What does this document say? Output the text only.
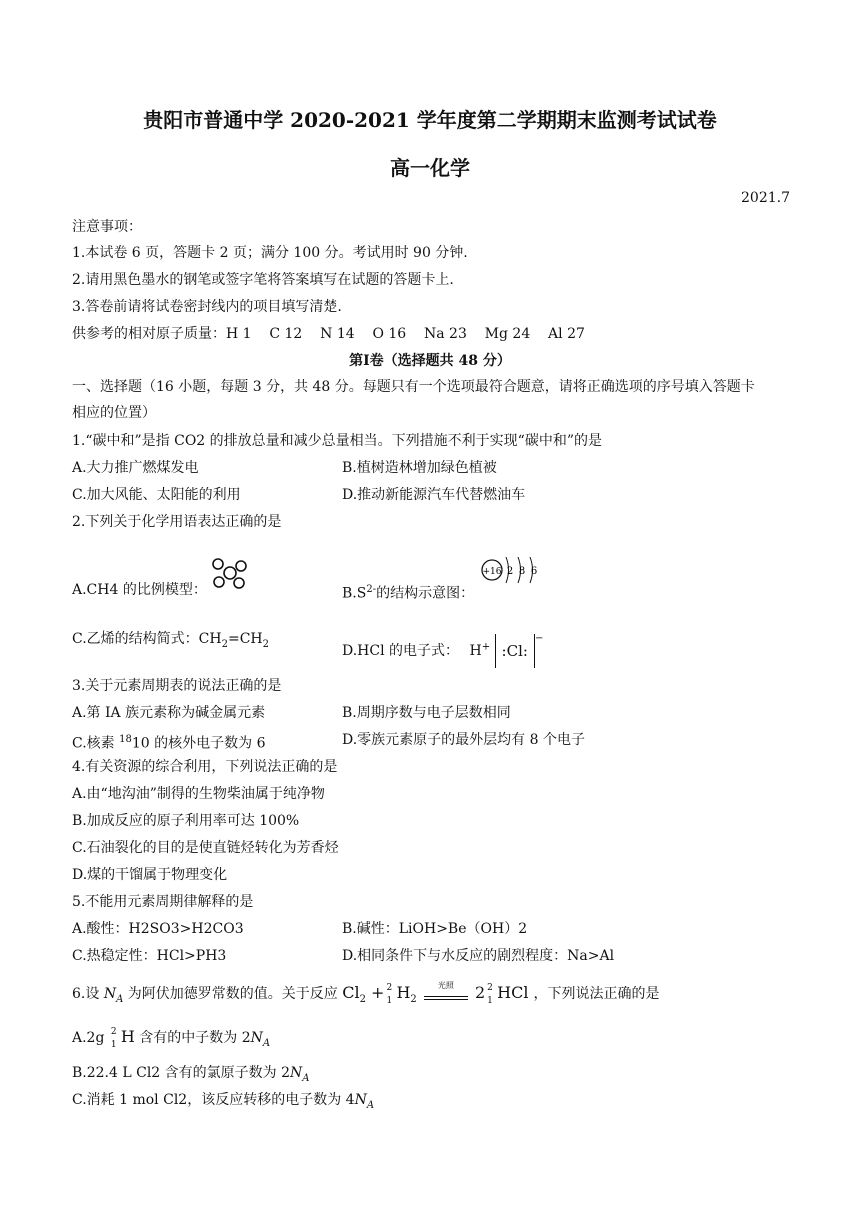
贵阳市普通中学 2020-2021 学年度第二学期期末监测考试试卷
高一化学
2021.7
注意事项：
1.本试卷 6 页，答题卡 2 页；满分 100 分。考试用时 90 分钟.
2.请用黑色墨水的钢笔或签字笔将答案填写在试题的答题卡上.
3.答卷前请将试卷密封线内的项目填写清楚.
供参考的相对原子质量：H 1    C 12    N 14    O 16    Na 23    Mg 24    Al 27
第Ⅰ卷（选择题共 48 分）
一、选择题（16 小题，每题 3 分，共 48 分。每题只有一个选项最符合题意，请将正确选项的序号填入答题卡
相应的位置）
1.“碳中和”是指 CO2 的排放总量和减少总量相当。下列措施不利于实现“碳中和”的是
A.大力推广燃煤发电	B.植树造林增加绿色植被
C.加大风能、太阳能的利用	D.推动新能源汽车代替燃油车
2.下列关于化学用语表达正确的是
A.CH4 的比例模型：	$B.S^{2-}$的结构示意图：
+16 2 8 6
C.乙烯的结构简式：$CH_2=CH_2$	D.HCl 的电子式： H+ :Cl:−
3.关于元素周期表的说法正确的是
A.第 IA 族元素称为碱金属元素	B.周期序数与电子层数相同
C.核素 $^{18}$10 的核外电子数为 6	D.零族元素原子的最外层均有 8 个电子
4.有关资源的综合利用，下列说法正确的是
A.由“地沟油”制得的生物柴油属于纯净物
B.加成反应的原子利用率可达 100%
C.石油裂化的目的是使直链烃转化为芳香烃
D.煤的干馏属于物理变化
5.不能用元素周期律解释的是
A.酸性：H2SO3>H2CO3	B.碱性：LiOH>Be（OH）2
C.热稳定性：HCl>PH3	D.相同条件下与水反应的剧烈程度：Na>Al
6.设 $N_A$ 为阿伏加德罗常数的值。关于反应 $Cl_2 + 2$
1 $H_2$
光照	2 2
1 HCl ，下列说法正确的是
A.2g 2
1 H 含有的中子数为 $2N_A$
B.22.4 L Cl2 含有的氯原子数为 $2N_A$
C.消耗 1 mol Cl2，该反应转移的电子数为 $4N_A$
